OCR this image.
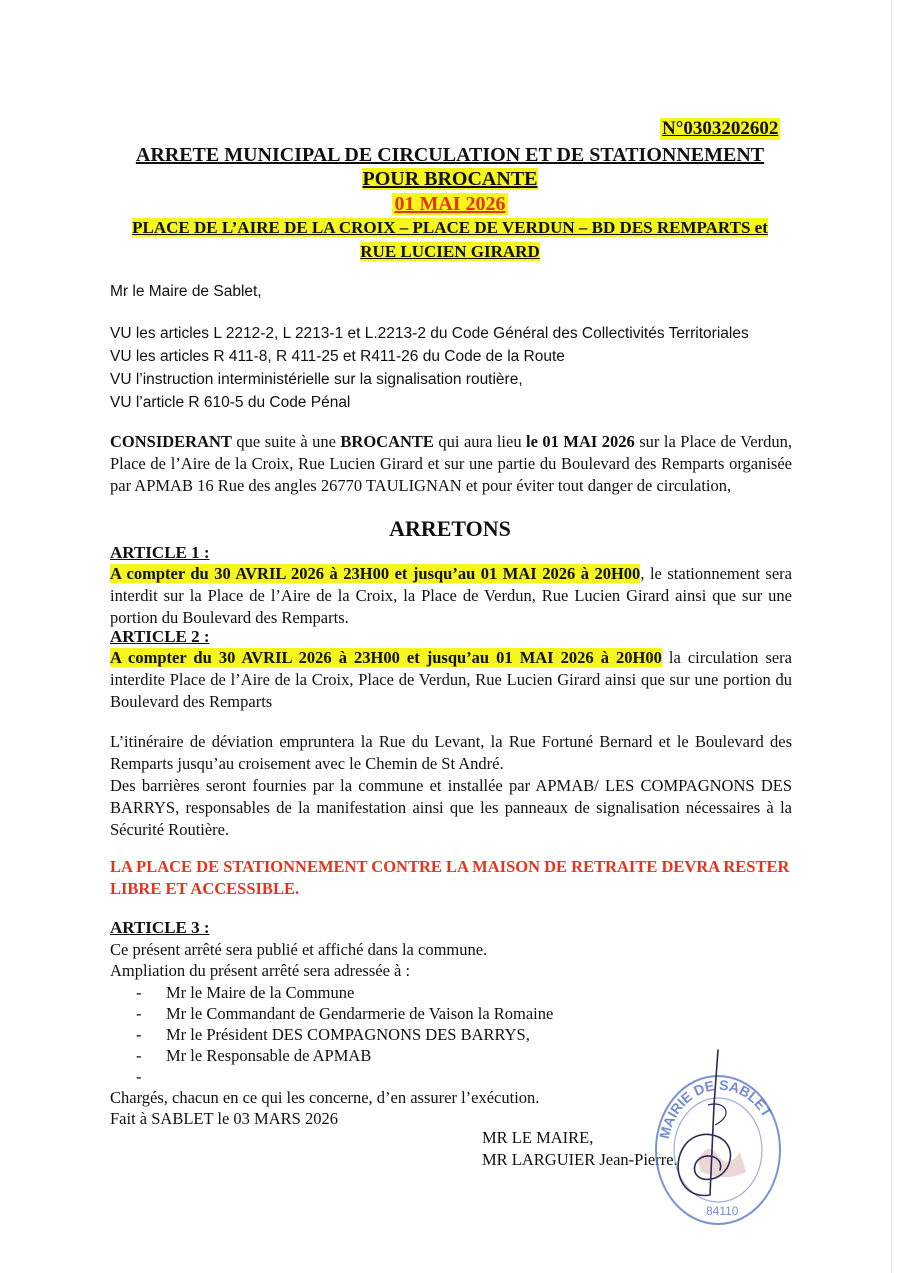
N°0303202602
ARRETE MUNICIPAL DE CIRCULATION ET DE STATIONNEMENT
POUR BROCANTE
01 MAI 2026
PLACE DE L’AIRE DE LA CROIX – PLACE DE VERDUN – BD DES REMPARTS et
RUE LUCIEN GIRARD
Mr le Maire de Sablet,
VU les articles L 2212-2, L 2213-1 et L.2213-2 du Code Général des Collectivités Territoriales
VU les articles R 411-8, R 411-25 et R411-26 du Code de la Route
VU l’instruction interministérielle sur la signalisation routière,
VU l’article R 610-5 du Code Pénal
CONSIDERANT que suite à une BROCANTE qui aura lieu le 01 MAI 2026 sur la Place de Verdun, Place de l’Aire de la Croix, Rue Lucien Girard et sur une partie du Boulevard des Remparts organisée par APMAB 16 Rue des angles 26770 TAULIGNAN et pour éviter tout danger de circulation,
ARRETONS
ARTICLE 1 :
A compter du 30 AVRIL 2026 à 23H00 et jusqu’au 01 MAI 2026 à 20H00, le stationnement sera interdit sur la Place de l’Aire de la Croix, la Place de Verdun, Rue Lucien Girard ainsi que sur une portion du Boulevard des Remparts.
ARTICLE 2 :
A compter du 30 AVRIL 2026 à 23H00 et jusqu’au 01 MAI 2026 à 20H00 la circulation sera interdite Place de l’Aire de la Croix, Place de Verdun, Rue Lucien Girard ainsi que sur une portion du Boulevard des Remparts
L’itinéraire de déviation empruntera la Rue du Levant, la Rue Fortuné Bernard et le Boulevard des Remparts jusqu’au croisement avec le Chemin de St André.
Des barrières seront fournies par la commune et installée par APMAB/ LES COMPAGNONS DES BARRYS, responsables de la manifestation ainsi que les panneaux de signalisation nécessaires à la Sécurité Routière.
LA PLACE DE STATIONNEMENT CONTRE LA MAISON DE RETRAITE DEVRA RESTER LIBRE ET ACCESSIBLE.
ARTICLE 3 :
Ce présent arrêté sera publié et affiché dans la commune.
Ampliation du présent arrêté sera adressée à :
- Mr le Maire de la Commune
- Mr le Commandant de Gendarmerie de Vaison la Romaine
- Mr le Président DES COMPAGNONS DES BARRYS,
- Mr le Responsable de APMAB
-

Chargés, chacun en ce qui les concerne, d’en assurer l’exécution.
Fait à SABLET le 03 MARS 2026
MR LE MAIRE,
MR LARGUIER Jean-Pierre.
MAIRIE DE SABLET
84110
